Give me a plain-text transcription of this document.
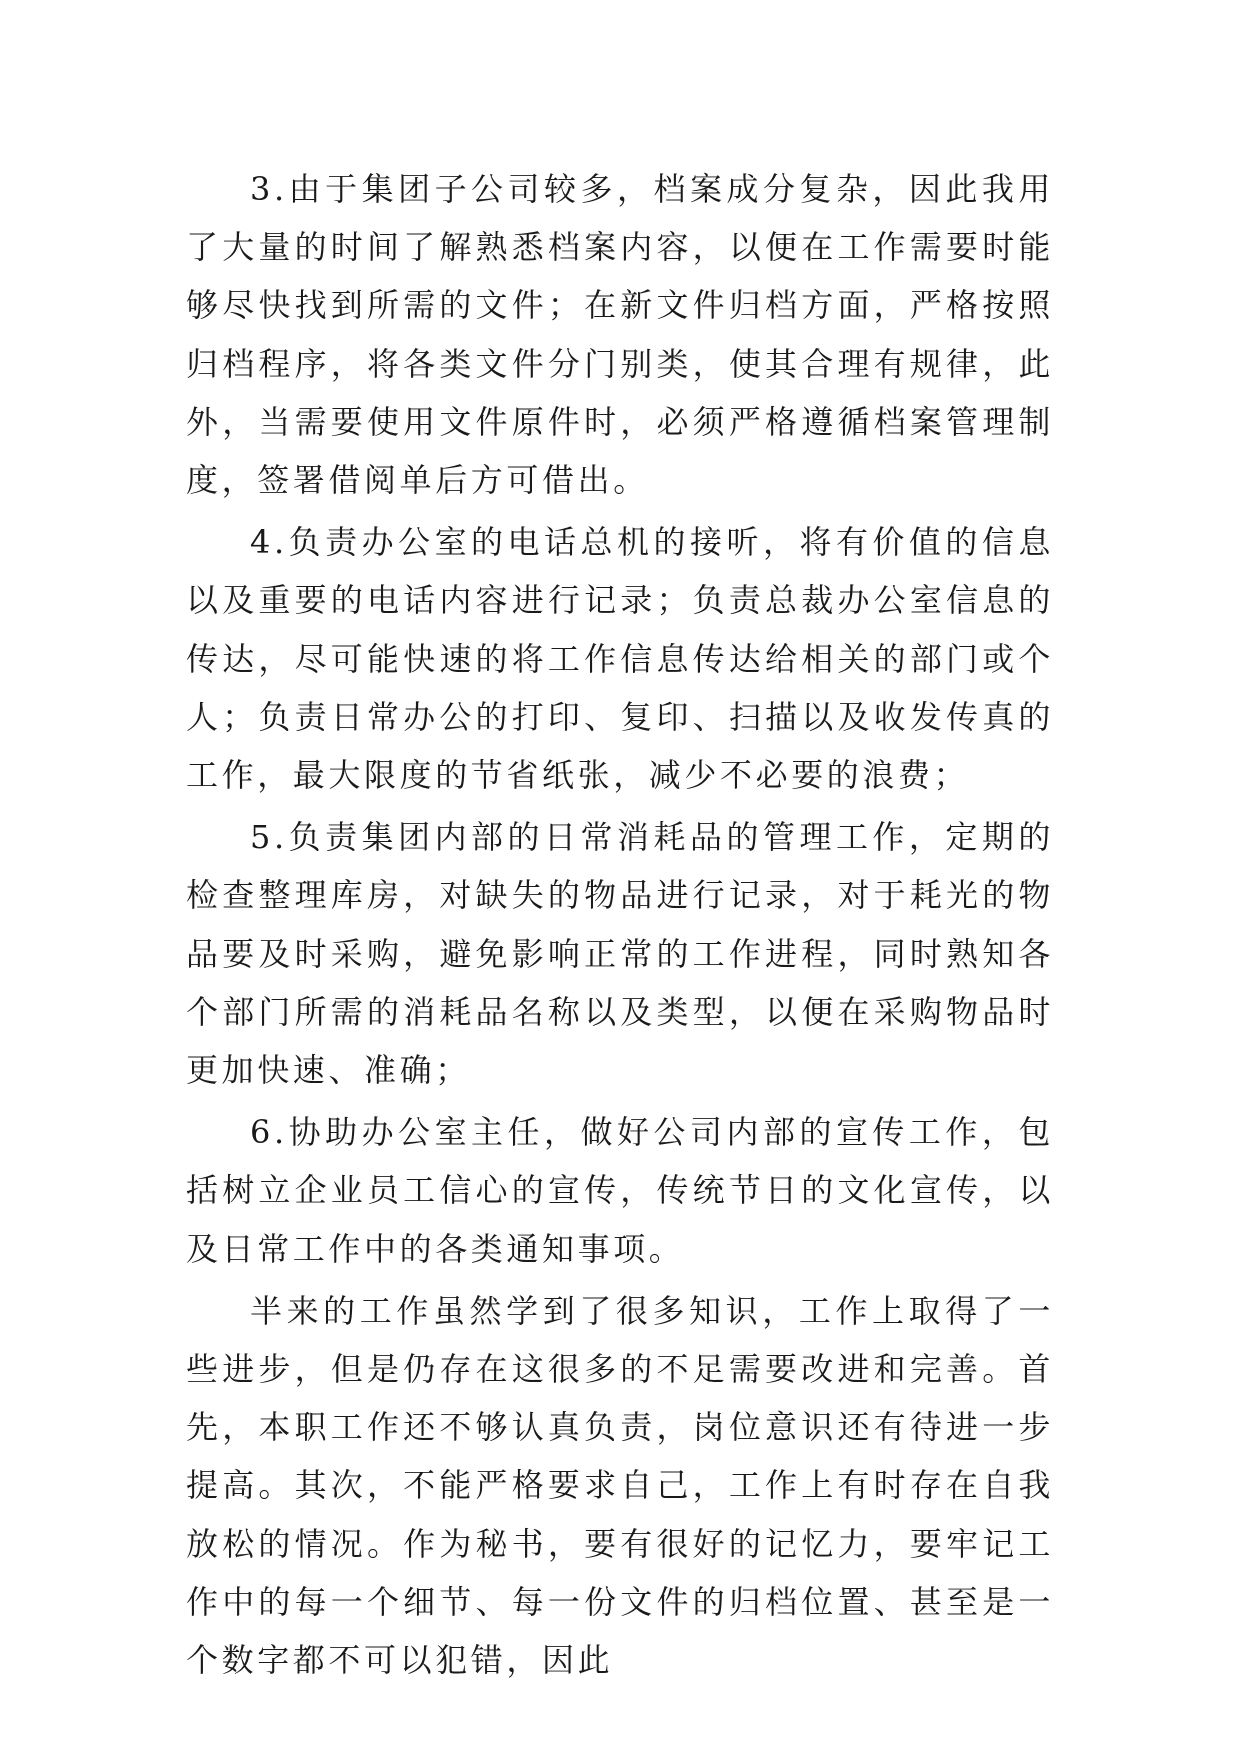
3.由于集团子公司较多，档案成分复杂，因此我用了大量的时间了解熟悉档案内容，以便在工作需要时能够尽快找到所需的文件；在新文件归档方面，严格按照归档程序，将各类文件分门别类，使其合理有规律，此外，当需要使用文件原件时，必须严格遵循档案管理制度，签署借阅单后方可借出。

4.负责办公室的电话总机的接听，将有价值的信息以及重要的电话内容进行记录；负责总裁办公室信息的传达，尽可能快速的将工作信息传达给相关的部门或个人；负责日常办公的打印、复印、扫描以及收发传真的工作，最大限度的节省纸张，减少不必要的浪费；

5.负责集团内部的日常消耗品的管理工作，定期的检查整理库房，对缺失的物品进行记录，对于耗光的物品要及时采购，避免影响正常的工作进程，同时熟知各个部门所需的消耗品名称以及类型，以便在采购物品时更加快速、准确；

6.协助办公室主任，做好公司内部的宣传工作，包括树立企业员工信心的宣传，传统节日的文化宣传，以及日常工作中的各类通知事项。

半来的工作虽然学到了很多知识，工作上取得了一些进步，但是仍存在这很多的不足需要改进和完善。首先，本职工作还不够认真负责，岗位意识还有待进一步提高。其次，不能严格要求自己，工作上有时存在自我放松的情况。作为秘书，要有很好的记忆力，要牢记工作中的每一个细节、每一份文件的归档位置、甚至是一个数字都不可以犯错，因此
